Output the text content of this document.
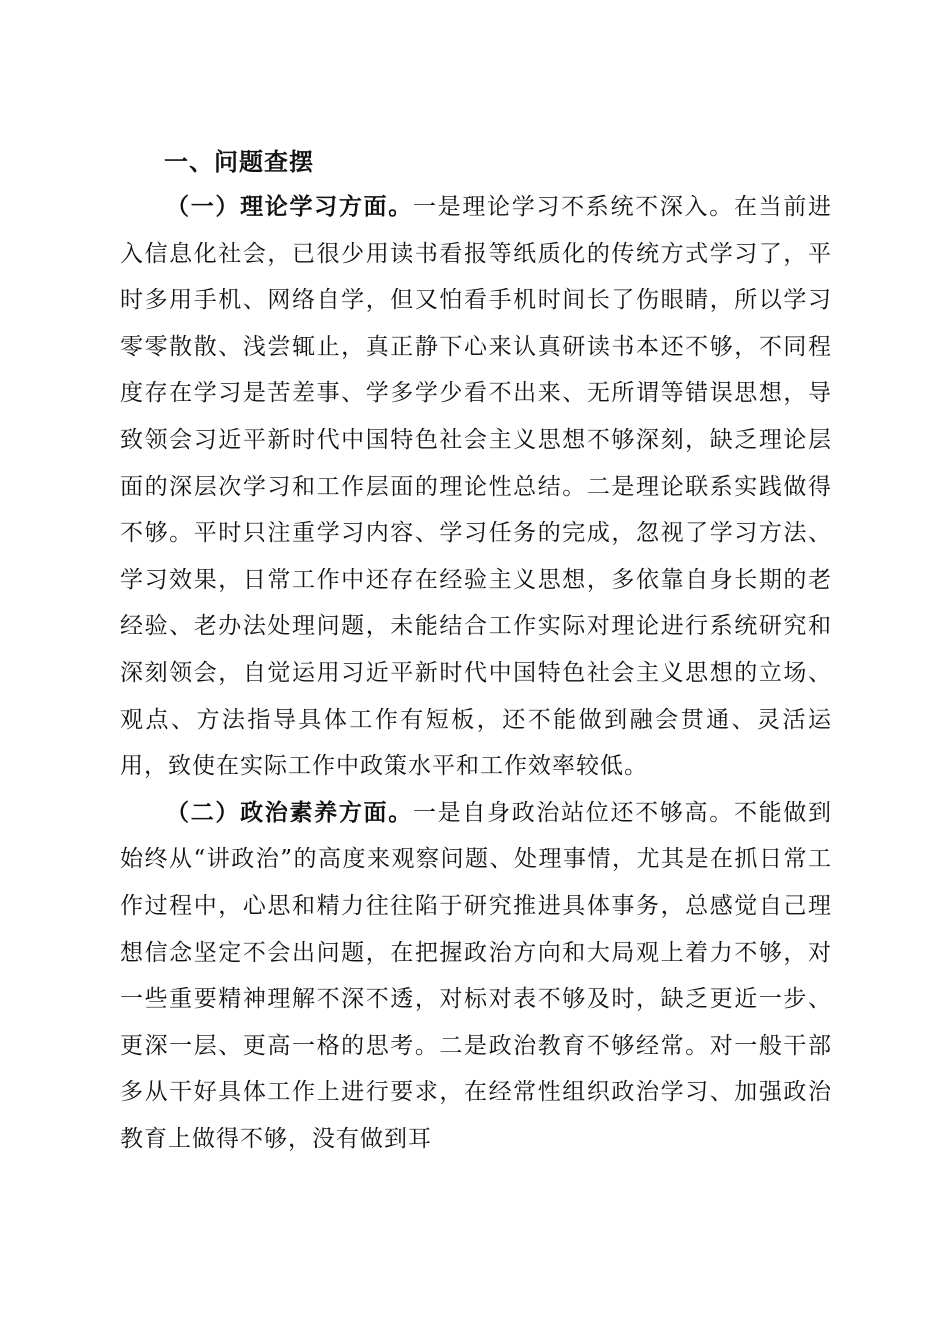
一、问题查摆

（一）理论学习方面。一是理论学习不系统不深入。在当前进入信息化社会，已很少用读书看报等纸质化的传统方式学习了，平时多用手机、网络自学，但又怕看手机时间长了伤眼睛，所以学习零零散散、浅尝辄止，真正静下心来认真研读书本还不够，不同程度存在学习是苦差事、学多学少看不出来、无所谓等错误思想，导致领会习近平新时代中国特色社会主义思想不够深刻，缺乏理论层面的深层次学习和工作层面的理论性总结。二是理论联系实践做得不够。平时只注重学习内容、学习任务的完成，忽视了学习方法、学习效果，日常工作中还存在经验主义思想，多依靠自身长期的老经验、老办法处理问题，未能结合工作实际对理论进行系统研究和深刻领会，自觉运用习近平新时代中国特色社会主义思想的立场、观点、方法指导具体工作有短板，还不能做到融会贯通、灵活运用，致使在实际工作中政策水平和工作效率较低。

（二）政治素养方面。一是自身政治站位还不够高。不能做到始终从“讲政治”的高度来观察问题、处理事情，尤其是在抓日常工作过程中，心思和精力往往陷于研究推进具体事务，总感觉自己理想信念坚定不会出问题，在把握政治方向和大局观上着力不够，对一些重要精神理解不深不透，对标对表不够及时，缺乏更近一步、更深一层、更高一格的思考。二是政治教育不够经常。对一般干部多从干好具体工作上进行要求，在经常性组织政治学习、加强政治教育上做得不够，没有做到耳
